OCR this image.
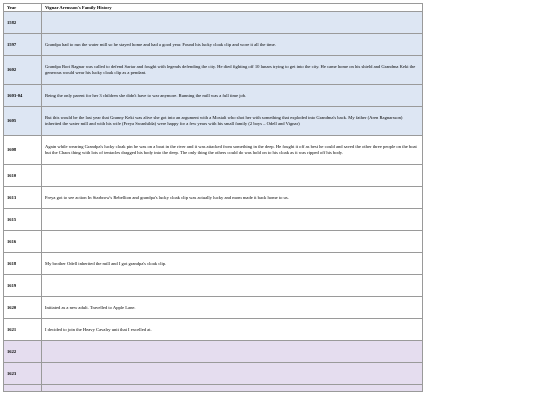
Year	Vignar Arensson's Family History
1582	
1597	Grandpa had to run the water mill so he stayed home and had a good year. Found his lucky cloak clip and wore it all the time.
1602	Grandpa Bori Ragnar was called to defend Sartar and fought with legends defending the city. He died fighting off 10 lunars trying to get into the city. He came home on his shield and Grandma Keki the generous would wear his lucky cloak clip as a pendant.
1603-04	Being the only parent for her 3 children she didn't have to war anymore. Running the mill was a full time job.
1605	But this would be the last year that Granny Keki was alive she got into an argument with a Mostali who shot her with something that exploded into Grandma's back. My father (Aren Ragnarsson) inherited the water mill and with his wife (Freya Swanhilda) were happy for a few years with his small family (2 boys – Odell and Vignar)
1608	Again while wearing Grandpa's lucky cloak pin he was on a boat in the river and it was attacked from something in the deep. He fought it off as best he could and saved the other three people on the boat but the Chaos thing with lots of tentacles dragged his body into the deep. The only thing the others could do was hold on to his cloak as it was ripped off his body.
1610	
1613	Freya got to see action In Starbrow's Rebellion and grandpa's lucky cloak clip was actually lucky and mom made it back home to us.
1615	
1616	
1618	My brother Odell inherited the mill and I got grandpa's cloak clip.
1619	
1620	Initiated as a new adult. Travelled to Apple Lane.
1621	I decided to join the Heavy Cavalry unit that I excelled at.
1622	
1623	
